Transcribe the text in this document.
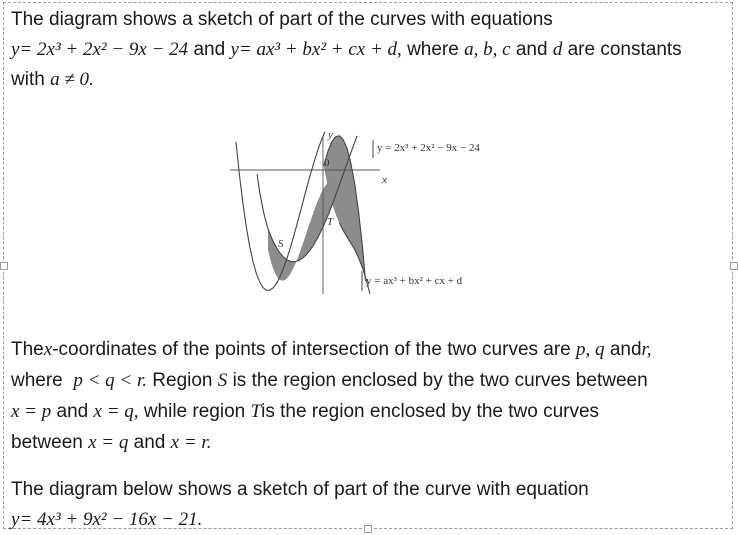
The diagram shows a sketch of part of the curves with equations
y= 2x³ + 2x² − 9x − 24 and y= ax³ + bx² + cx + d, where a, b, c and d are constants
with a ≠ 0.
y
0
x
S
T
y = 2x³ + 2x² − 9x − 24
y = ax³ + bx² + cx + d
Thex-coordinates of the points of intersection of the two curves are p, q andr,
where p < q < r. Region S is the region enclosed by the two curves between
x = p and x = q, while region Tis the region enclosed by the two curves
between x = q and x = r.
The diagram below shows a sketch of part of the curve with equation
y= 4x³ + 9x² − 16x − 21.
